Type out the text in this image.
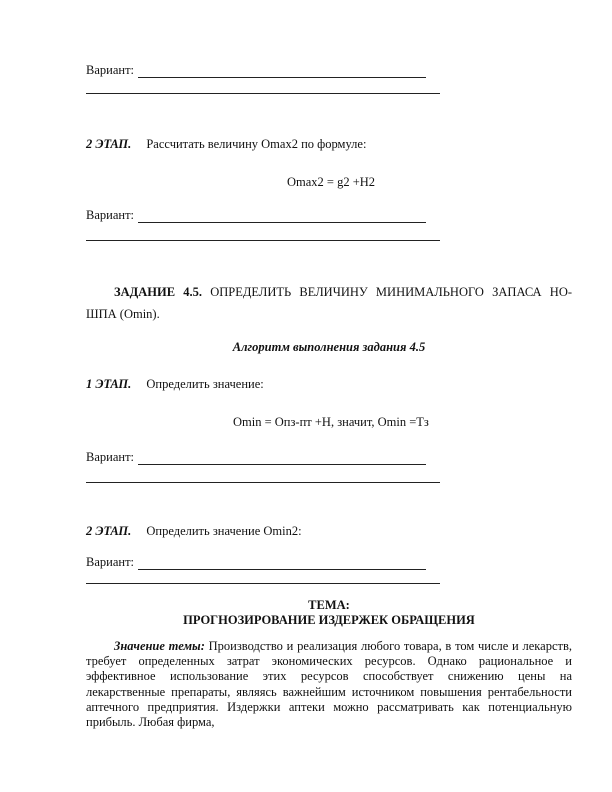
Вариант:
2 ЭТАП. Рассчитать величину Omax2 по формуле:
Omax2 = g2 +H2
Вариант:
ЗАДАНИЕ 4.5. ОПРЕДЕЛИТЬ ВЕЛИЧИНУ МИНИМАЛЬНОГО ЗАПАСА НО-ШПА (Omin).
Алгоритм выполнения задания 4.5
1 ЭТАП. Определить значение:
Omin = Oпз-пт +H, значит, Omin =Tз
Вариант:
2 ЭТАП. Определить значение Omin2:
Вариант:
ТЕМА:
ПРОГНОЗИРОВАНИЕ ИЗДЕРЖЕК ОБРАЩЕНИЯ
Значение темы: Производство и реализация любого товара, в том числе и лекарств, требует определенных затрат экономических ресурсов. Однако рациональное и эффективное использование этих ресурсов способствует снижению цены на лекарственные препараты, являясь важнейшим источником повышения рентабельности аптечного предприятия. Издержки аптеки можно рассматривать как потенциальную прибыль. Любая фирма,
